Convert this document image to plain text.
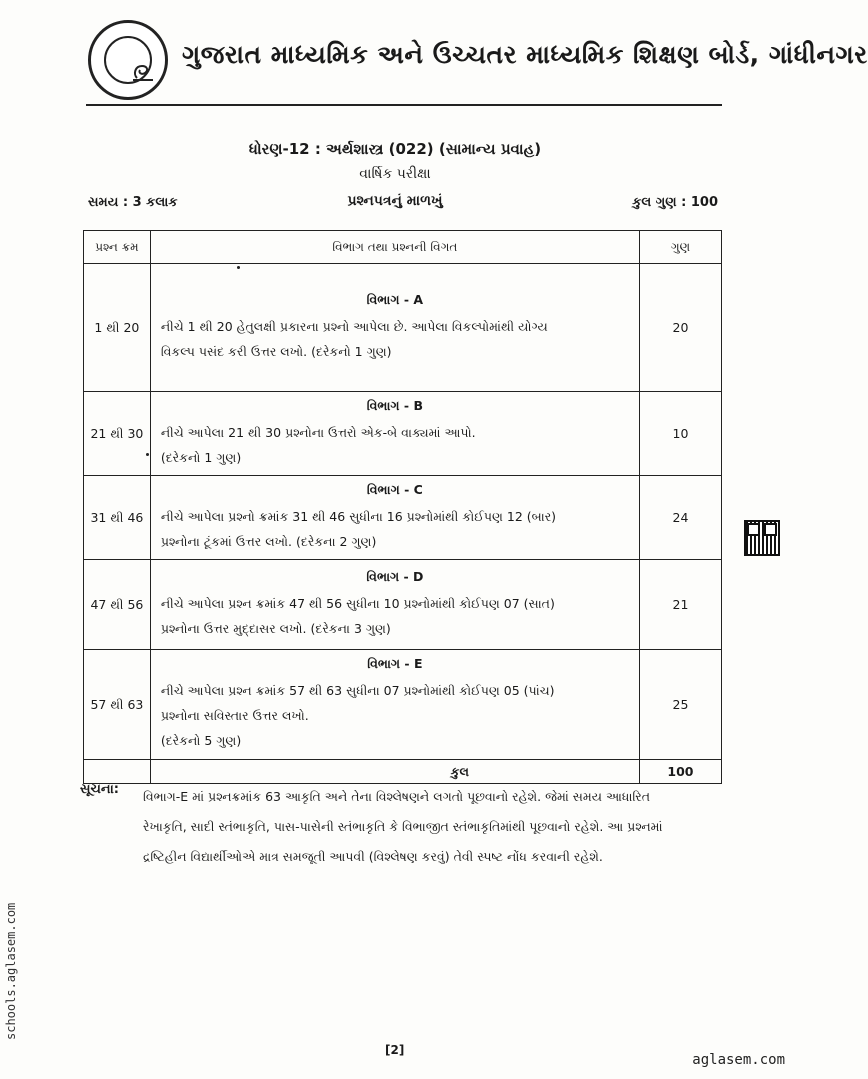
ગુજરાત માધ્યમિક અને ઉચ્ચતર માધ્યમિક શિક્ષણ બોર્ડ, ગાંધીનગર
ધોરણ-12 : અર્થશાસ્ત્ર (022) (સામાન્ય પ્રવાહ)
વાર્ષિક પરીક્ષા
સમય : 3 કલાક	પ્રશ્નપત્રનું માળખું	કુલ ગુણ : 100
પ્રશ્ન ક્રમ	વિભાગ તથા પ્રશ્નની વિગત	ગુણ
1 થી 20	વિભાગ - A
નીચે 1 થી 20 હેતુલક્ષી પ્રકારના પ્રશ્નો આપેલા છે. આપેલા વિકલ્પોમાંથી યોગ્ય
વિકલ્પ પસંદ કરી ઉત્તર લખો. (દરેકનો 1 ગુણ)	20
21 થી 30	વિભાગ - B
નીચે આપેલા 21 થી 30 પ્રશ્નોના ઉત્તરો એક-બે વાક્યમાં આપો.
(દરેકનો 1 ગુણ)	10
31 થી 46	વિભાગ - C
નીચે આપેલા પ્રશ્નો ક્રમાંક 31 થી 46 સુધીના 16 પ્રશ્નોમાંથી કોઈપણ 12 (બાર)
પ્રશ્નોના ટૂંકમાં ઉત્તર લખો. (દરેકના 2 ગુણ)	24
47 થી 56	વિભાગ - D
નીચે આપેલા પ્રશ્ન ક્રમાંક 47 થી 56 સુધીના 10 પ્રશ્નોમાંથી કોઈપણ 07 (સાત)
પ્રશ્નોના ઉત્તર મુદ્દાસર લખો. (દરેકના 3 ગુણ)	21
57 થી 63	વિભાગ - E
નીચે આપેલા પ્રશ્ન ક્રમાંક 57 થી 63 સુધીના 07 પ્રશ્નોમાંથી કોઈપણ 05 (પાંચ)
પ્રશ્નોના સવિસ્તાર ઉત્તર લખો.
(દરેકનો 5 ગુણ)	25
	કુલ	100
સૂચના: વિભાગ-E માં પ્રશ્નક્રમાંક 63 આકૃતિ અને તેના વિશ્લેષણને લગતો પૂછવાનો રહેશે. જેમાં સમય આધારિત રેખાકૃતિ, સાદી સ્તંભાકૃતિ, પાસ-પાસેની સ્તંભાકૃતિ કે વિભાજીત સ્તંભાકૃતિમાંથી પૂછવાનો રહેશે. આ પ્રશ્નમાં દ્રષ્ટિહીન વિદ્યાર્થીઓએ માત્ર સમજૂતી આપવી (વિશ્લેષણ કરવું) તેવી સ્પષ્ટ નોંધ કરવાની રહેશે.
schools.aglasem.com
[2]
aglasem.com
